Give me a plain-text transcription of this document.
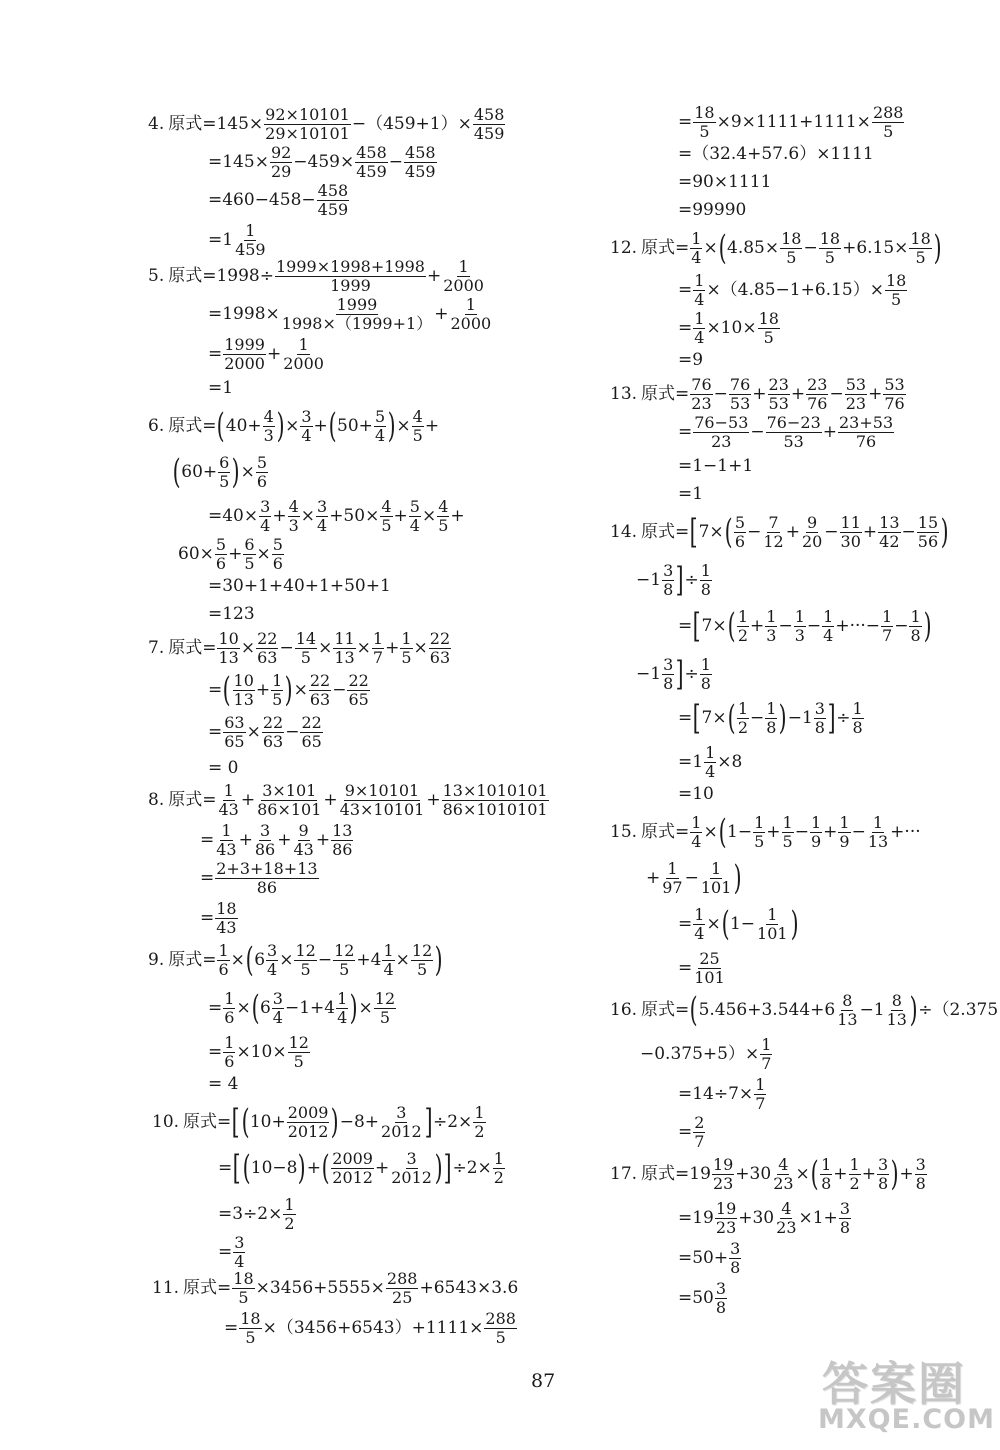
4. 原式 $=145\times \frac{92\times 10101}{29\times 10101} -(459+1)\times \frac{458}{459}$
$=145\times \frac{92}{29} -459\times \frac{458}{459} - \frac{458}{459}$
$=460-458- \frac{458}{459}$
=1 1
459
5. 原式 $=1998\div \frac{1999\times 1998+1998}{1999} + \frac{1}{2000}$
$=1998\times \frac{1999}{1998\times(1999+1)} + \frac{1}{2000}$
= $\frac{1999}{2000} + \frac{1}{2000}$
=1
6. 原式 = ( $40+ \frac{4}{3}$ ) × $\frac{3}{4}$ + ( $50+ \frac{5}{4}$ ) × $\frac{4}{5}$ +
( $60+ \frac{6}{5}$ ) × $\frac{5}{6}$
$=40\times \frac{3}{4} + \frac{4}{3} \times \frac{3}{4} +50\times \frac{4}{5} + \frac{5}{4} \times \frac{4}{5}$ +
$60\times \frac{5}{6} + \frac{6}{5} \times \frac{5}{6}$
=30+1+40+1+50+1
=123
7. 原式 = $\frac{10}{13} \times \frac{22}{63} - \frac{14}{5} \times \frac{11}{13} \times \frac{1}{7} + \frac{1}{5} \times \frac{22}{63}$
= ( 10
$13 + \frac{1}{5}$ ) × $\frac{22}{63} - \frac{22}{65}$
= $\frac{63}{65} \times \frac{22}{63} - \frac{22}{65}$
= 0
8. 原式 = $\frac{1}{43} + \frac{3\times 101}{86\times 101} + \frac{9\times 10101}{43\times 10101} + \frac{13\times 1010101}{86\times 1010101}$
= $\frac{1}{43} + \frac{3}{86} + \frac{9}{43} + \frac{13}{86}$
= $\frac{2+3+18+13}{86}$
= $\frac{18}{43}$
9. 原式 = $\frac{1}{6}$ × ( $6 \frac{3}{4} \times \frac{12}{5} - \frac{12}{5} +4 \frac{1}{4} \times \frac{12}{5}$ )
= $\frac{1}{6}$ × ( 6 3
4 −1+4 1
4 ) × $\frac{12}{5}$
= $\frac{1}{6} \times 10\times \frac{12}{5}$
= 4
10. 原式 = [ ( $10+ \frac{2009}{2012}$ ) $-8+ \frac{3}{2012}$ ] $\div 2\times \frac{1}{2}$
= [ ( 10−8 ) + ( 2009
$2012 + \frac{3}{2012}$ ) ] $\div 2\times \frac{1}{2}$
$=3\div 2\times \frac{1}{2}$
= $\frac{3}{4}$
11. 原式 = $\frac{18}{5} \times 3456+5555\times \frac{288}{25} +6543\times 3.6$
= $\frac{18}{5} \times(3456+6543)+1111\times \frac{288}{5}$
= $\frac{18}{5} \times 9\times 1111+1111\times \frac{288}{5}$
=（32.4+57.6）×1111
=90×1111
=99990
12. 原式 = $\frac{1}{4}$ × ( $4.85\times \frac{18}{5} - \frac{18}{5} +6.15\times \frac{18}{5}$ )
= $\frac{1}{4} \times(4.85-1+6.15)\times \frac{18}{5}$
= $\frac{1}{4} \times 10\times \frac{18}{5}$
=9
13. 原式 = $\frac{76}{23} - \frac{76}{53} + \frac{23}{53} + \frac{23}{76} - \frac{53}{23} + \frac{53}{76}$
= $\frac{76-53}{23} - \frac{76-23}{53} + \frac{23+53}{76}$
=1−1+1
=1
14. 原式 = [ 7× ( 5
$6 - \frac{7}{12} + \frac{9}{20} - \frac{11}{30} + \frac{13}{42} - \frac{15}{56}$ )
−1 3
8 ] ÷ $\frac{1}{8}$
= [ 7× ( 1
$2 + \frac{1}{3} - \frac{1}{3} - \frac{1}{4}$ +···− $\frac{1}{7} - \frac{1}{8}$ )
−1 3
8 ] ÷ $\frac{1}{8}$
= [ 7× ( 1
$2 - \frac{1}{8}$ ) −1 3
8 ] ÷ $\frac{1}{8}$
$=1 \frac{1}{4} \times 8$
=10
15. 原式 = $\frac{1}{4}$ × ( $1- \frac{1}{5} + \frac{1}{5} - \frac{1}{9} + \frac{1}{9} - \frac{1}{13}$ +···
+ $\frac{1}{97} - \frac{1}{101}$ )
= $\frac{1}{4}$ × ( $1- \frac{1}{101}$ )
= $\frac{25}{101}$
16. 原式 = ( 5.456+3.544+6 8
13 −1 8
13 ) ÷（2.375
$-0.375+5)\times \frac{1}{7}$
$=14\div 7\times \frac{1}{7}$
= $\frac{2}{7}$
17. 原式 =19 19
$23 +30 \frac{4}{23}$ × ( 1
$8 + \frac{1}{2} + \frac{3}{8}$ ) + $\frac{3}{8}$
=19 19
$23 +30 \frac{4}{23} \times 1+ \frac{3}{8}$
$=50+ \frac{3}{8}$
=50 3
8
87	答案圈
MXQE.COM
